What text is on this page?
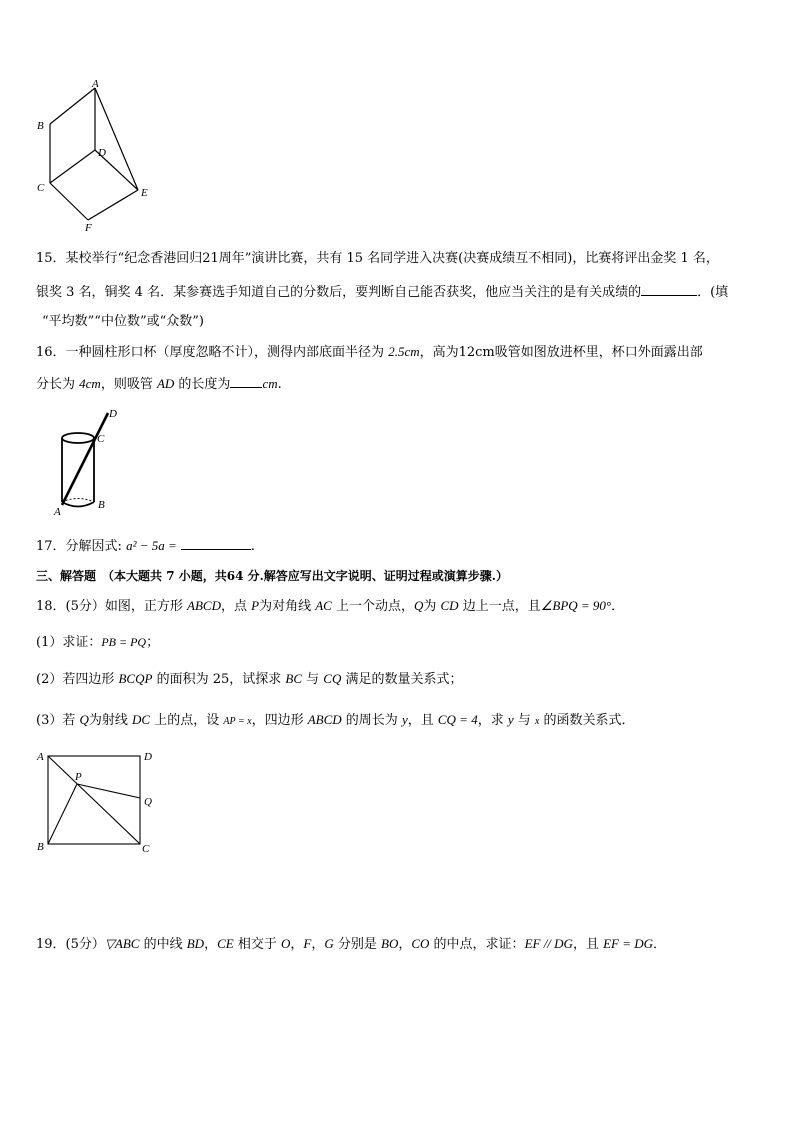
A
B
C
D
E
F
15．某校举行“纪念香港回归21周年”演讲比赛，共有 15 名同学进入决赛(决赛成绩互不相同)，比赛将评出金奖 1 名，
银奖 3 名，铜奖 4 名．某参赛选手知道自己的分数后，要判断自己能否获奖，他应当关注的是有关成绩的	．(填
“平均数”“中位数”或“众数”)
16．一种圆柱形口杯（厚度忽略不计），测得内部底面半径为 2.5cm，高为12cm吸管如图放进杯里，杯口外面露出部
分长为 4cm，则吸管 AD 的长度为 cm.
D
C
B
A
17．分解因式: a² − 5a =	.
三、解答题 （本大题共 7 小题，共64 分.解答应写出文字说明、证明过程或演算步骤.）
18．(5分）如图，正方形 ABCD，点 P为对角线 AC 上一个动点，Q为 CD 边上一点，且∠BPQ = 90°．
(1）求证：PB = PQ；
(2）若四边形 BCQP 的面积为 25，试探求 BC 与 CQ 满足的数量关系式；
(3）若 Q为射线 DC 上的点，设 AP = x，四边形 ABCD 的周长为 y，且 CQ = 4，求 y 与 x 的函数关系式．
A	D
P
Q
B	C
19．(5分）▽ABC 的中线 BD，CE 相交于 O，F，G 分别是 BO，CO 的中点，求证：EF // DG，且 EF = DG．
